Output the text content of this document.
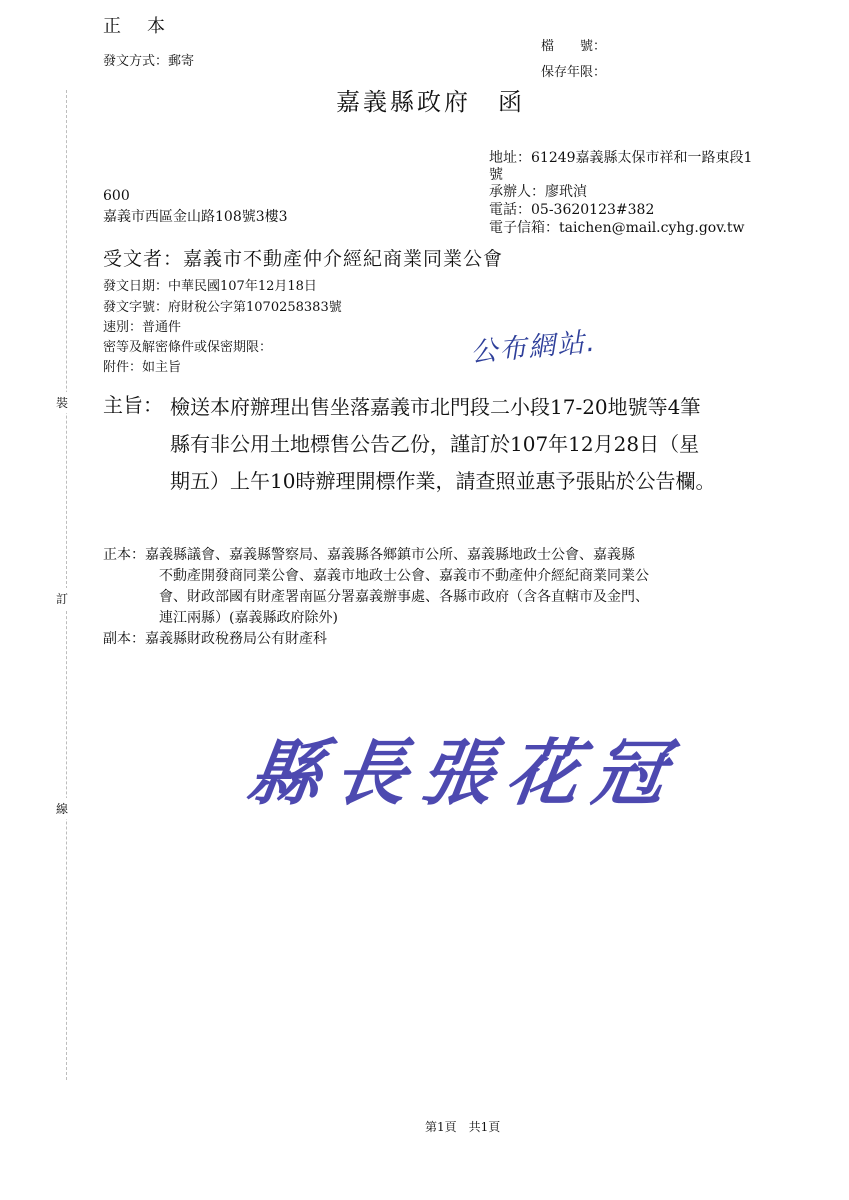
裝
訂
線
正　本
發文方式：郵寄
檔　　號：
保存年限：
嘉義縣政府　函
地址：61249嘉義縣太保市祥和一路東段1
號
承辦人：廖玳湞
電話：05-3620123#382
電子信箱：taichen@mail.cyhg.gov.tw
600
嘉義市西區金山路108號3樓3
受文者：嘉義市不動產仲介經紀商業同業公會
發文日期：中華民國107年12月18日
發文字號：府財稅公字第1070258383號
速別：普通件
密等及解密條件或保密期限：
附件：如主旨	公布網站.
主旨： 檢送本府辦理出售坐落嘉義市北門段二小段17-20地號等4筆
縣有非公用土地標售公告乙份，謹訂於107年12月28日（星
期五）上午10時辦理開標作業，請查照並惠予張貼於公告欄。
正本：嘉義縣議會、嘉義縣警察局、嘉義縣各鄉鎮市公所、嘉義縣地政士公會、嘉義縣
不動產開發商同業公會、嘉義市地政士公會、嘉義市不動產仲介經紀商業同業公
會、財政部國有財產署南區分署嘉義辦事處、各縣市政府（含各直轄市及金門、
連江兩縣）(嘉義縣政府除外)
副本：嘉義縣財政稅務局公有財產科
縣長張花冠
第1頁　共1頁
